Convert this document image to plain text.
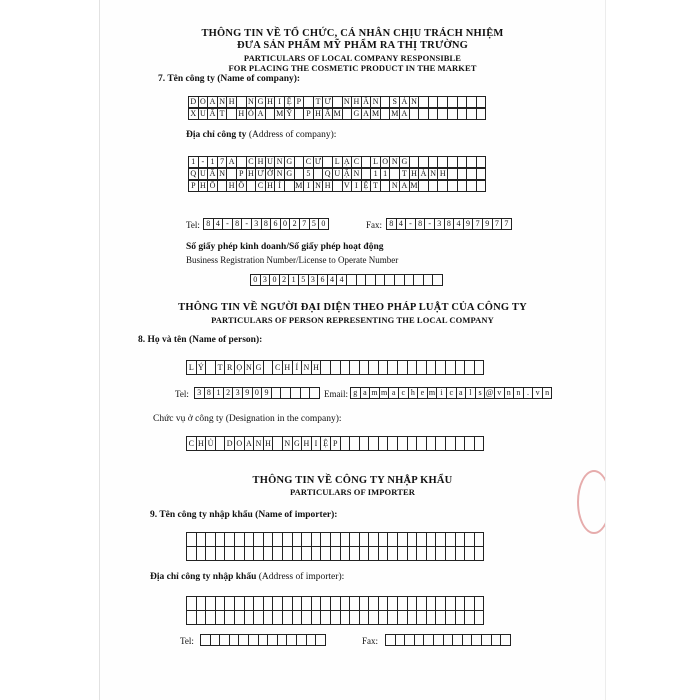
THÔNG TIN VỀ TỔ CHỨC, CÁ NHÂN CHỊU TRÁCH NHIỆM
ĐƯA SẢN PHẨM MỸ PHẨM RA THỊ TRƯỜNG
PARTICULARS OF LOCAL COMPANY RESPONSIBLE
FOR PLACING THE COSMETIC PRODUCT IN THE MARKET
7. Tên công ty (Name of company):
D O A N H	N G H I Ệ P	T Ư	N H Â N	S Ả N
X U Ấ T	H Ó A	M Ỹ	P H Ẩ M	G A M M A
Địa chỉ công ty (Address of company):
1 - 1 7 A	C H U N G	C Ư	L Ạ C	L O N G
Q U Â N	P H Ư Ờ N G	5	Q U Ậ N	1 1	T H À N H
P H Ố	H Ồ	C H Í	M I N H	V I Ệ T	N A M
Tel: 8 4 - 8 - 3 8 6 0 2 7 5 0	Fax: 8 4 - 8 - 3 8 4 9 7 9 7 7
Số giấy phép kinh doanh/Số giấy phép hoạt động
Business Registration Number/License to Operate Number
0 3 0 2 1 5 3 6 4 4
THÔNG TIN VỀ NGƯỜI ĐẠI DIỆN THEO PHÁP LUẬT CỦA CÔNG TY
PARTICULARS OF PERSON REPRESENTING THE LOCAL COMPANY
8. Họ và tên (Name of person):
L Ý	T R Ọ N G	C H Í N H
Tel:	3 8 1 2 3 9 0 9	Email: g a m m a c h e m i c a l s @ v n n . v n
Chức vụ ở công ty (Designation in the company):
C H Ủ	D O A N H	N G H I Ệ P
THÔNG TIN VỀ CÔNG TY NHẬP KHẨU
PARTICULARS OF IMPORTER
9. Tên công ty nhập khẩu (Name of importer):
Địa chỉ công ty nhập khẩu (Address of importer):
Tel:	Fax:
